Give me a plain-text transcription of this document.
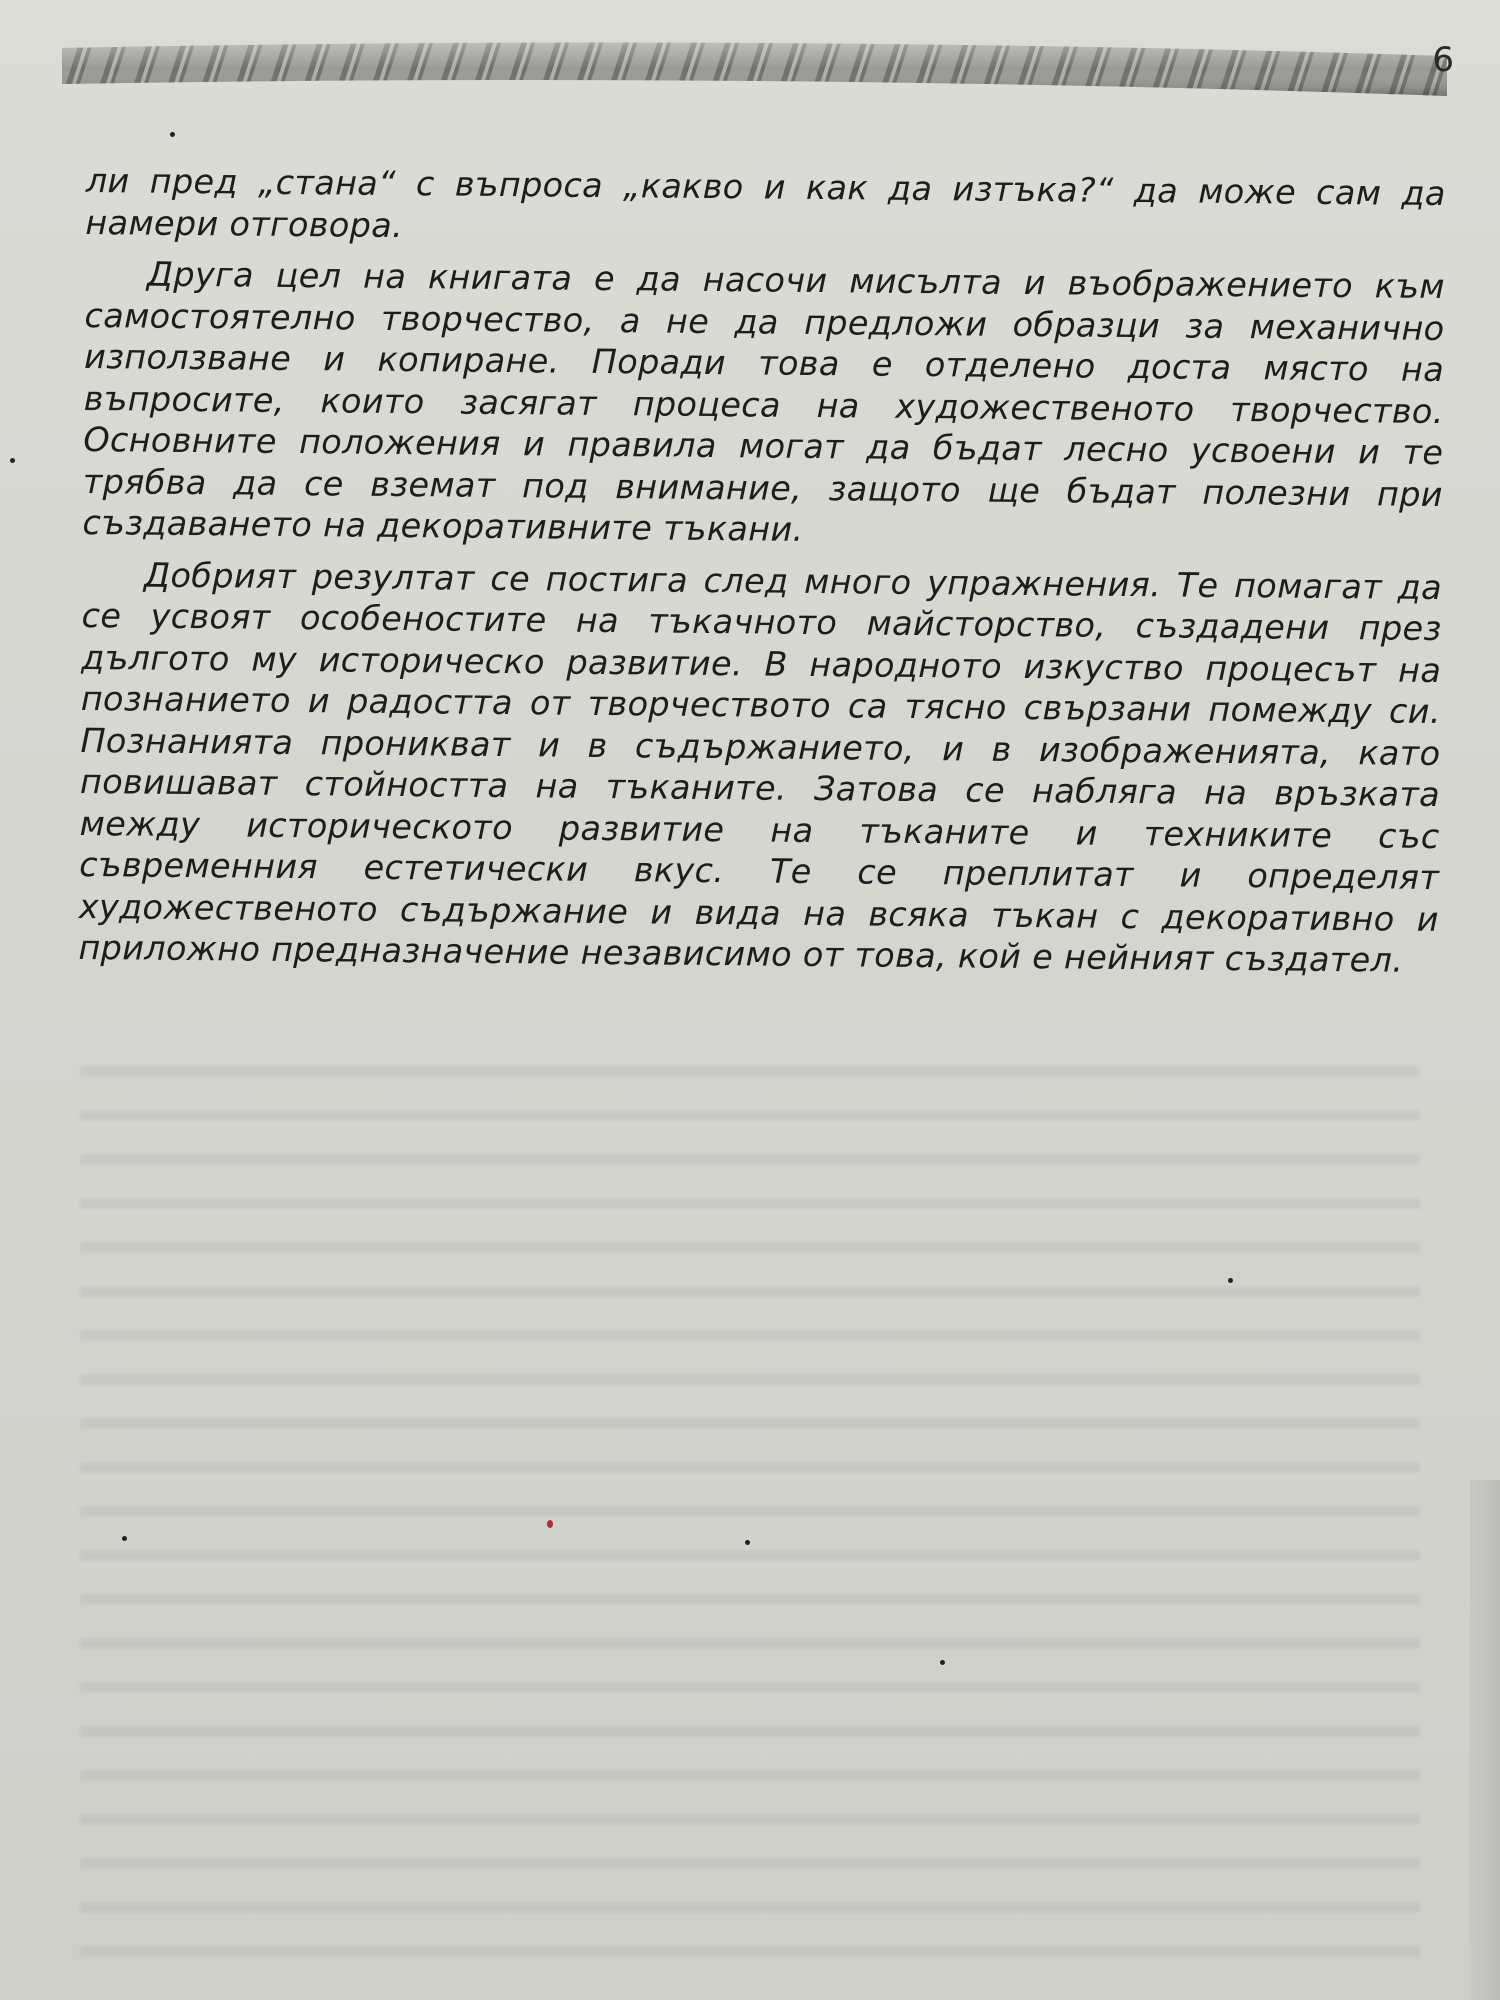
6

ли пред „стана“ с въпроса „какво и как да изтъка?“ да може сам да намери отговора.

Друга цел на книгата е да насочи мисълта и въображението към самостоятелно творчество, а не да предложи образци за механично използване и копиране. Поради това е отделено доста място на въпросите, които засягат процеса на художественото творчество. Основните положения и правила могат да бъдат лесно усвоени и те трябва да се вземат под внимание, защото ще бъдат полезни при създаването на декоративните тъкани.

Добрият резултат се постига след много упражнения. Те помагат да се усвоят особеностите на тъкачното майсторство, създадени през дългото му историческо развитие. В народното изкуство процесът на познанието и радостта от творчеството са тясно свързани помежду си. Познанията проникват и в съдържанието, и в изображенията, като повишават стойността на тъканите. Затова се набляга на връзката между историческото развитие на тъканите и техниките със съвременния естетически вкус. Те се преплитат и определят художественото съдържание и вида на всяка тъкан с декоративно и приложно предназначение независимо от това, кой е нейният създател.
